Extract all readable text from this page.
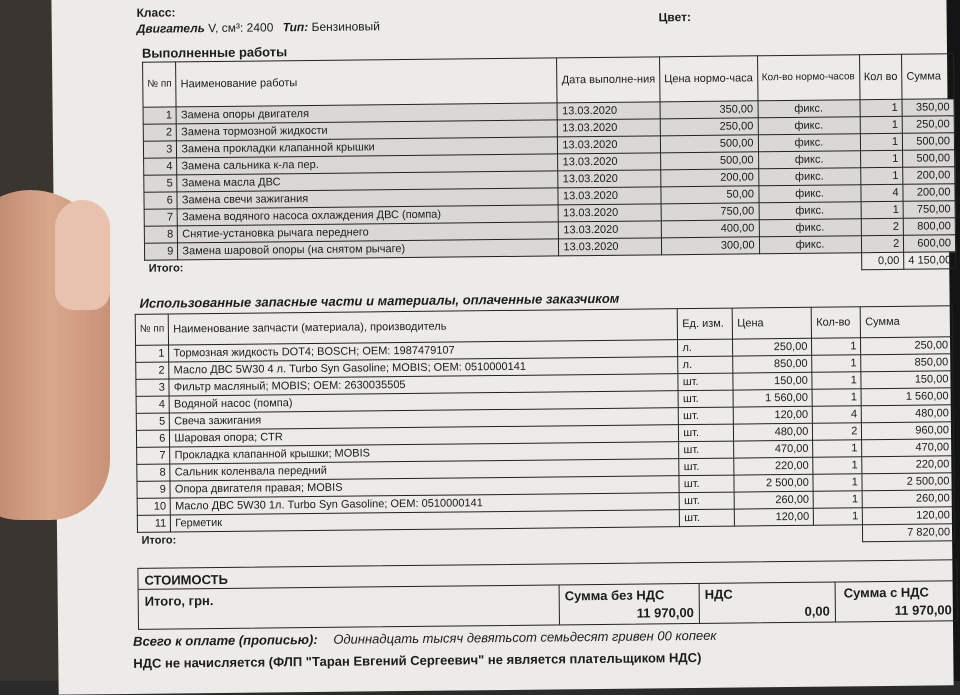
Класс:
Двигатель V, см³: 2400 Тип: Бензиновый
Цвет:
Выполненные работы
№ пп	Наименование работы	Дата выполне-ния	Цена нормо-часа	Кол-во нормо-часов	Кол во	Сумма
1	Замена опоры двигателя	13.03.2020	350,00	фикс.	1	350,00
2	Замена тормозной жидкости	13.03.2020	250,00	фикс.	1	250,00
3	Замена прокладки клапанной крышки	13.03.2020	500,00	фикс.	1	500,00
4	Замена сальника к-ла пер.	13.03.2020	500,00	фикс.	1	500,00
5	Замена масла ДВС	13.03.2020	200,00	фикс.	1	200,00
6	Замена свечи зажигания	13.03.2020	50,00	фикс.	4	200,00
7	Замена водяного насоса охлаждения ДВС (помпа)	13.03.2020	750,00	фикс.	1	750,00
8	Снятие-установка рычага переднего	13.03.2020	400,00	фикс.	2	800,00
9	Замена шаровой опоры (на снятом рычаге)	13.03.2020	300,00	фикс.	2	600,00
Итого:					0,00	4 150,00
Использованные запасные части и материалы, оплаченные заказчиком
№ пп	Наименование запчасти (материала), производитель	Ед. изм.	Цена	Кол-во	Сумма
1	Тормозная жидкость DOT4; BOSCH; OEM: 1987479107	л.	250,00	1	250,00
2	Масло ДВС 5W30 4 л. Turbo Syn Gasoline; MOBIS; OEM: 0510000141	л.	850,00	1	850,00
3	Фильтр масляный; MOBIS; OEM: 2630035505	шт.	150,00	1	150,00
4	Водяной насос (помпа)	шт.	1 560,00	1	1 560,00
5	Свеча зажигания	шт.	120,00	4	480,00
6	Шаровая опора; CTR	шт.	480,00	2	960,00
7	Прокладка клапанной крышки; MOBIS	шт.	470,00	1	470,00
8	Сальник коленвала передний	шт.	220,00	1	220,00
9	Опора двигателя правая; MOBIS	шт.	2 500,00	1	2 500,00
10	Масло ДВС 5W30 1л. Turbo Syn Gasoline; OEM: 0510000141	шт.	260,00	1	260,00
11	Герметик	шт.	120,00	1	120,00
Итого:					7 820,00
СТОИМОСТЬ
Итого, грн.	Сумма без НДС
11 970,00
НДС
0,00
Сумма с НДС
11 970,00
Всего к оплате (прописью): Одиннадцать тысяч девятьсот семьдесят гривен 00 копеек
НДС не начисляется (ФЛП "Таран Евгений Сергеевич" не является плательщиком НДС)
